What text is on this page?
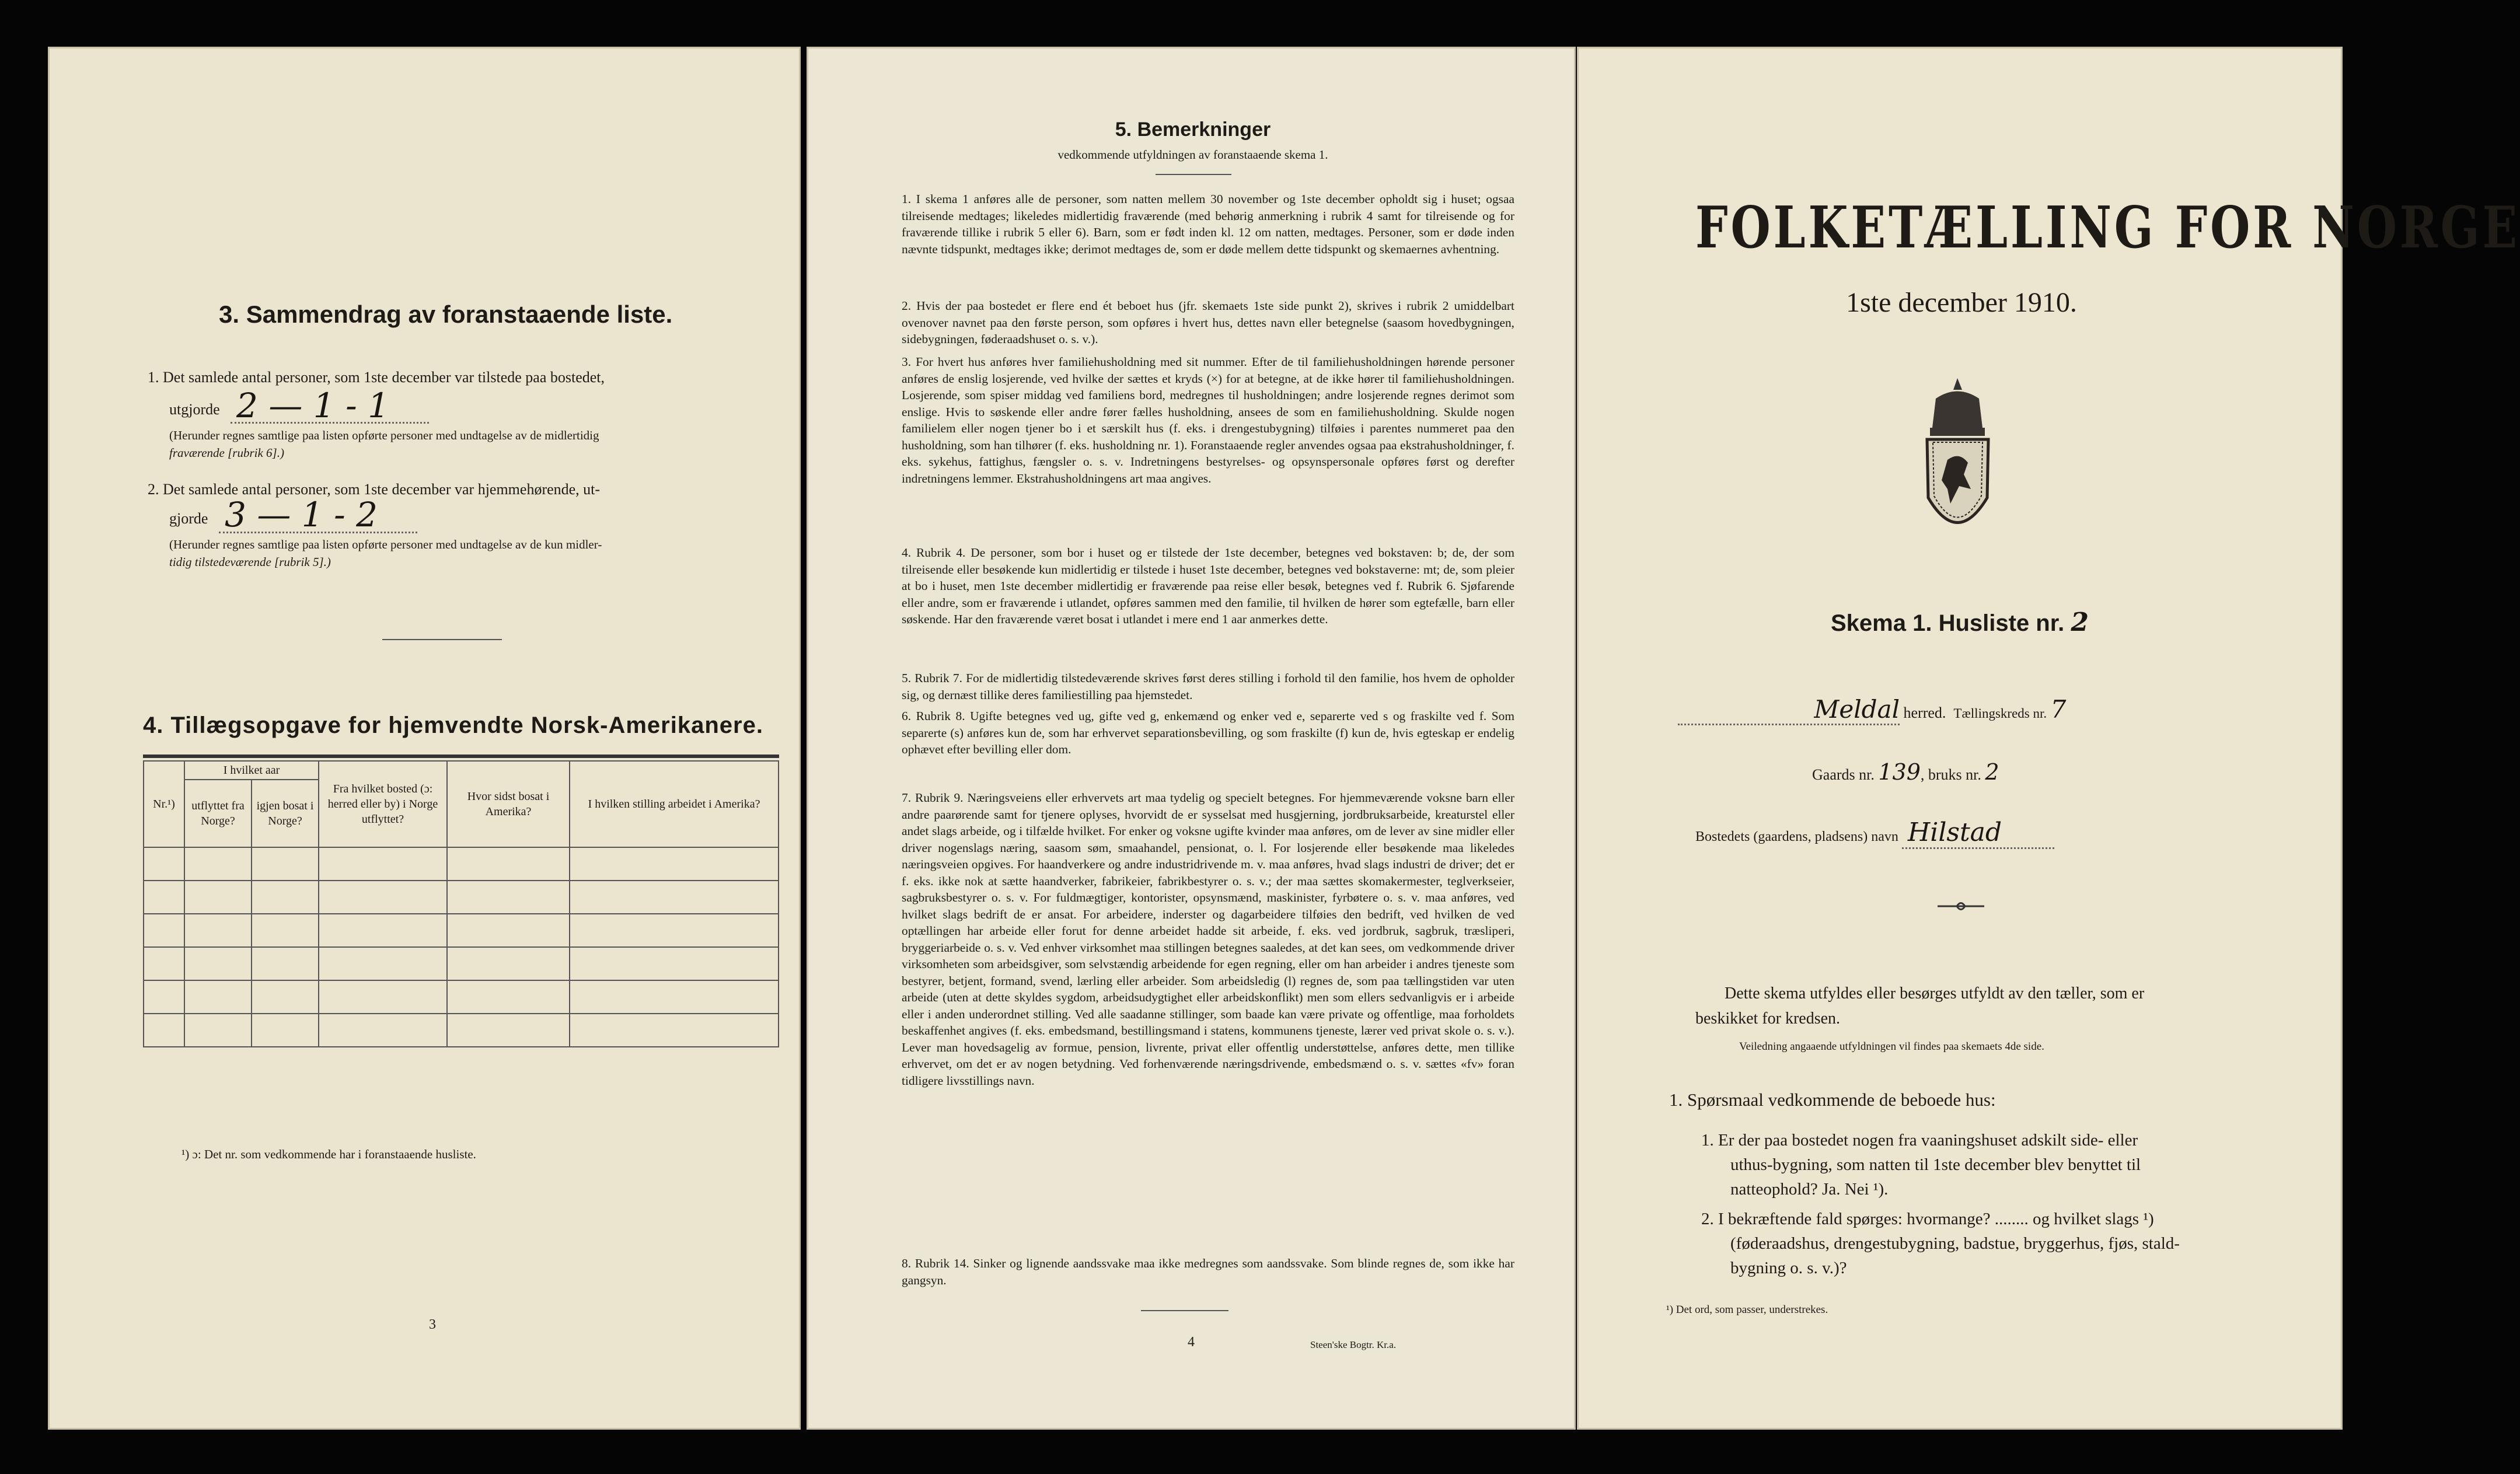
3. Sammendrag av foranstaaende liste.
1. Det samlede antal personer, som 1ste december var tilstede paa bostedet,
utgjorde 2 — 1 - 1
(Herunder regnes samtlige paa listen opførte personer med undtagelse av de midlertidig
fraværende [rubrik 6].)
2. Det samlede antal personer, som 1ste december var hjemmehørende, ut-
gjorde 3 — 1 - 2
(Herunder regnes samtlige paa listen opførte personer med undtagelse av de kun midler-
tidig tilstedeværende [rubrik 5].)
4. Tillægsopgave for hjemvendte Norsk-Amerikanere.
Nr.¹)	I hvilket aar		Fra hvilket bosted (ɔ: herred eller by) i Norge utflyttet?	Hvor sidst bosat i Amerika?	I hvilken stilling arbeidet i Amerika?
	utflyttet fra Norge?	igjen bosat i Norge?			

¹) ɔ: Det nr. som vedkommende har i foranstaaende husliste.
3
5. Bemerkninger
vedkommende utfyldningen av foranstaaende skema 1.
1. I skema 1 anføres alle de personer, som natten mellem 30 november og 1ste december opholdt sig i huset; ogsaa tilreisende medtages; likeledes midlertidig fraværende (med behørig anmerkning i rubrik 4 samt for tilreisende og for fraværende tillike i rubrik 5 eller 6). Barn, som er født inden kl. 12 om natten, medtages. Personer, som er døde inden nævnte tidspunkt, medtages ikke; derimot medtages de, som er døde mellem dette tidspunkt og skemaernes avhentning.
2. Hvis der paa bostedet er flere end ét beboet hus (jfr. skemaets 1ste side punkt 2), skrives i rubrik 2 umiddelbart ovenover navnet paa den første person, som opføres i hvert hus, dettes navn eller betegnelse (saasom hovedbygningen, sidebygningen, føderaadshuset o. s. v.).
3. For hvert hus anføres hver familiehusholdning med sit nummer. Efter de til familiehusholdningen hørende personer anføres de enslig losjerende, ved hvilke der sættes et kryds (×) for at betegne, at de ikke hører til familiehusholdningen. Losjerende, som spiser middag ved familiens bord, medregnes til husholdningen; andre losjerende regnes derimot som enslige. Hvis to søskende eller andre fører fælles husholdning, ansees de som en familiehusholdning. Skulde nogen familielem eller nogen tjener bo i et særskilt hus (f. eks. i drengestubygning) tilføies i parentes nummeret paa den husholdning, som han tilhører (f. eks. husholdning nr. 1). Foranstaaende regler anvendes ogsaa paa ekstrahusholdninger, f. eks. sykehus, fattighus, fængsler o. s. v. Indretningens bestyrelses- og opsynspersonale opføres først og derefter indretningens lemmer. Ekstrahusholdningens art maa angives.
4. Rubrik 4. De personer, som bor i huset og er tilstede der 1ste december, betegnes ved bokstaven: b; de, der som tilreisende eller besøkende kun midlertidig er tilstede i huset 1ste december, betegnes ved bokstaverne: mt; de, som pleier at bo i huset, men 1ste december midlertidig er fraværende paa reise eller besøk, betegnes ved f. Rubrik 6. Sjøfarende eller andre, som er fraværende i utlandet, opføres sammen med den familie, til hvilken de hører som egtefælle, barn eller søskende. Har den fraværende været bosat i utlandet i mere end 1 aar anmerkes dette.
5. Rubrik 7. For de midlertidig tilstedeværende skrives først deres stilling i forhold til den familie, hos hvem de opholder sig, og dernæst tillike deres familiestilling paa hjemstedet.
6. Rubrik 8. Ugifte betegnes ved ug, gifte ved g, enkemænd og enker ved e, separerte ved s og fraskilte ved f. Som separerte (s) anføres kun de, som har erhvervet separationsbevilling, og som fraskilte (f) kun de, hvis egteskap er endelig ophævet efter bevilling eller dom.
7. Rubrik 9. Næringsveiens eller erhvervets art maa tydelig og specielt betegnes. For hjemmeværende voksne barn eller andre paarørende samt for tjenere oplyses, hvorvidt de er sysselsat med husgjerning, jordbruksarbeide, kreaturstel eller andet slags arbeide, og i tilfælde hvilket. For enker og voksne ugifte kvinder maa anføres, om de lever av sine midler eller driver nogenslags næring, saasom søm, smaahandel, pensionat, o. l. For losjerende eller besøkende maa likeledes næringsveien opgives. For haandverkere og andre industridrivende m. v. maa anføres, hvad slags industri de driver; det er f. eks. ikke nok at sætte haandverker, fabrikeier, fabrikbestyrer o. s. v.; der maa sættes skomakermester, teglverkseier, sagbruksbestyrer o. s. v. For fuldmægtiger, kontorister, opsynsmænd, maskinister, fyrbøtere o. s. v. maa anføres, ved hvilket slags bedrift de er ansat. For arbeidere, inderster og dagarbeidere tilføies den bedrift, ved hvilken de ved optællingen har arbeide eller forut for denne arbeidet hadde sit arbeide, f. eks. ved jordbruk, sagbruk, træsliperi, bryggeriarbeide o. s. v. Ved enhver virksomhet maa stillingen betegnes saaledes, at det kan sees, om vedkommende driver virksomheten som arbeidsgiver, som selvstændig arbeidende for egen regning, eller om han arbeider i andres tjeneste som bestyrer, betjent, formand, svend, lærling eller arbeider. Som arbeidsledig (l) regnes de, som paa tællingstiden var uten arbeide (uten at dette skyldes sygdom, arbeidsudygtighet eller arbeidskonflikt) men som ellers sedvanligvis er i arbeide eller i anden underordnet stilling. Ved alle saadanne stillinger, som baade kan være private og offentlige, maa forholdets beskaffenhet angives (f. eks. embedsmand, bestillingsmand i statens, kommunens tjeneste, lærer ved privat skole o. s. v.). Lever man hovedsagelig av formue, pension, livrente, privat eller offentlig understøttelse, anføres dette, men tillike erhvervet, om det er av nogen betydning. Ved forhenværende næringsdrivende, embedsmænd o. s. v. sættes «fv» foran tidligere livsstillings navn.
8. Rubrik 14. Sinker og lignende aandssvake maa ikke medregnes som aandssvake. Som blinde regnes de, som ikke har gangsyn.
4	Steen'ske Bogtr. Kr.a.
FOLKETÆLLING FOR NORGE
1ste december 1910.
Skema 1. Husliste nr. 2
Meldal herred. Tællingskreds nr. 7
Gaards nr. 139, bruks nr. 2
Bostedets (gaardens, pladsens) navn Hilstad
Dette skema utfyldes eller besørges utfyldt av den tæller, som er
beskikket for kredsen.
Veiledning angaaende utfyldningen vil findes paa skemaets 4de side.
1. Spørsmaal vedkommende de beboede hus:
1. Er der paa bostedet nogen fra vaaningshuset adskilt side- eller
uthus-bygning, som natten til 1ste december blev benyttet til
natteophold? Ja. Nei ¹).
2. I bekræftende fald spørges: hvormange? ........ og hvilket slags ¹)
(føderaadshus, drengestubygning, badstue, bryggerhus, fjøs, stald-
bygning o. s. v.)?
¹) Det ord, som passer, understrekes.
